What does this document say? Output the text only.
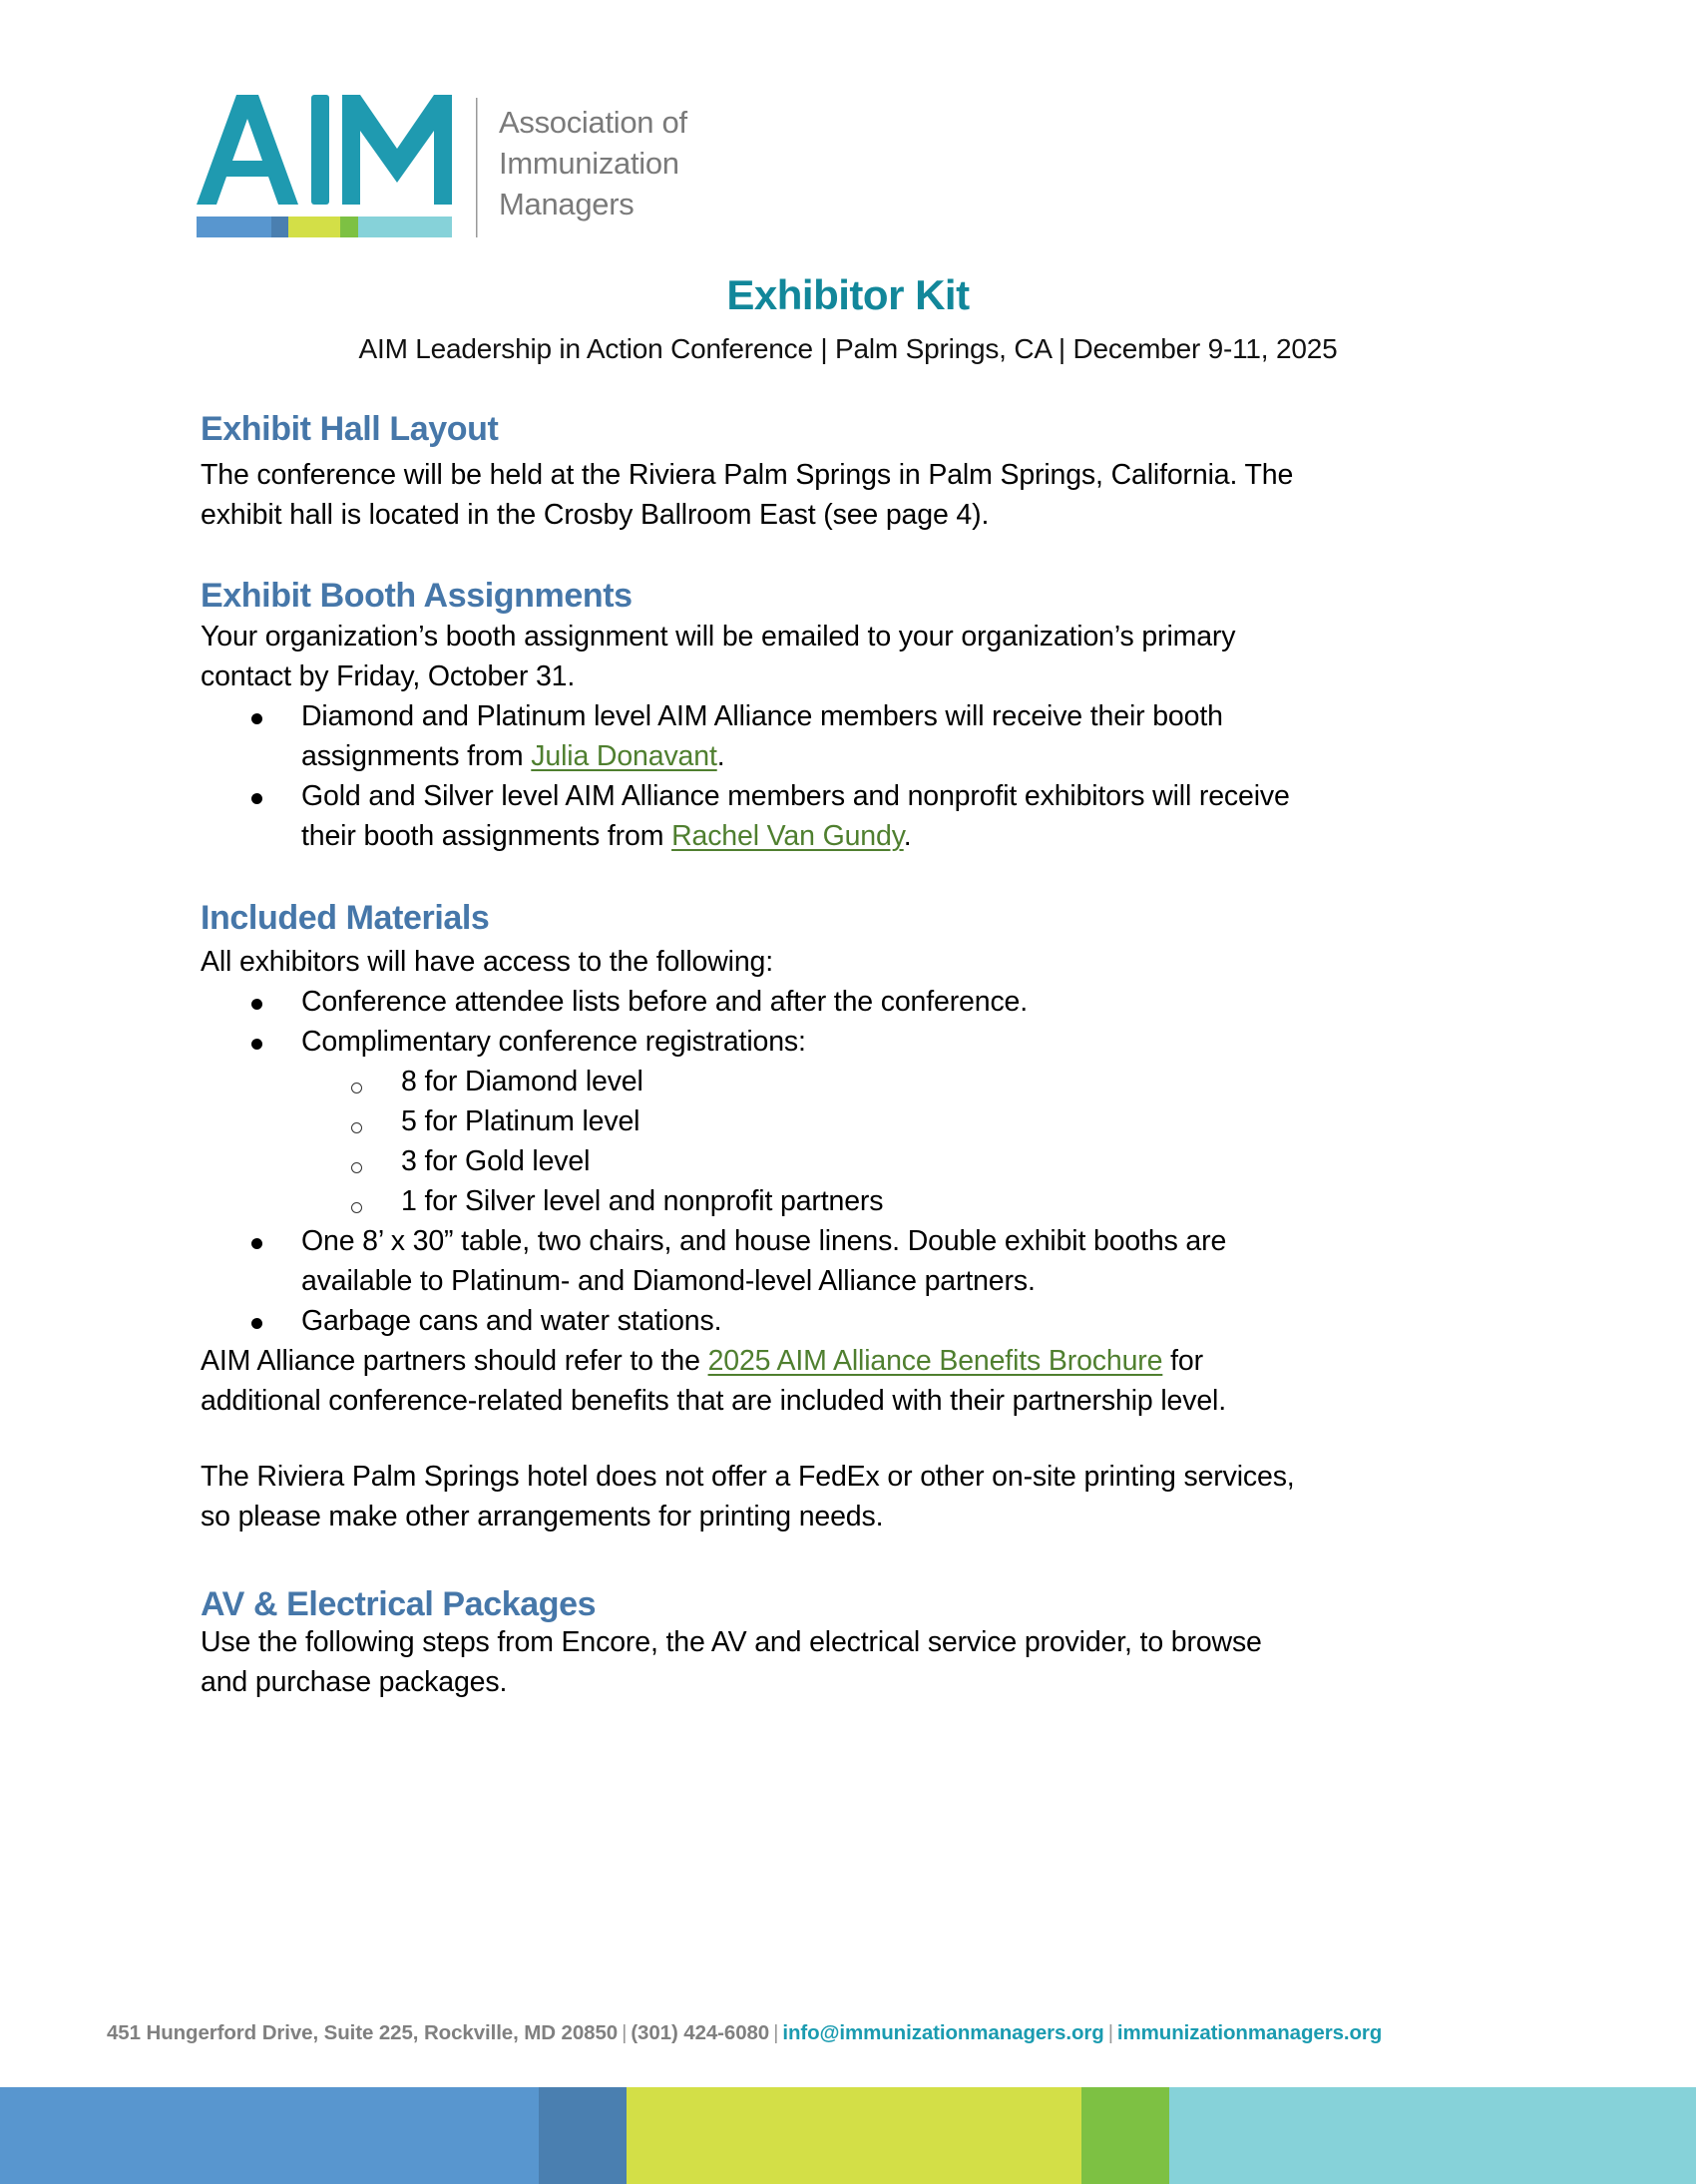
Association of
Immunization
Managers
Exhibitor Kit
AIM Leadership in Action Conference | Palm Springs, CA | December 9-11, 2025
Exhibit Hall Layout
The conference will be held at the Riviera Palm Springs in Palm Springs, California. The
exhibit hall is located in the Crosby Ballroom East (see page 4).
Exhibit Booth Assignments
Your organization’s booth assignment will be emailed to your organization’s primary
contact by Friday, October 31.
Diamond and Platinum level AIM Alliance members will receive their booth
assignments from Julia Donavant.
Gold and Silver level AIM Alliance members and nonprofit exhibitors will receive
their booth assignments from Rachel Van Gundy.
Included Materials
All exhibitors will have access to the following:
Conference attendee lists before and after the conference.
Complimentary conference registrations:
8 for Diamond level
5 for Platinum level
3 for Gold level
1 for Silver level and nonprofit partners
One 8’ x 30” table, two chairs, and house linens. Double exhibit booths are
available to Platinum- and Diamond-level Alliance partners.
Garbage cans and water stations.
AIM Alliance partners should refer to the 2025 AIM Alliance Benefits Brochure for
additional conference-related benefits that are included with their partnership level.
The Riviera Palm Springs hotel does not offer a FedEx or other on-site printing services,
so please make other arrangements for printing needs.
AV & Electrical Packages
Use the following steps from Encore, the AV and electrical service provider, to browse
and purchase packages.
451 Hungerford Drive, Suite 225, Rockville, MD 20850 | (301) 424-6080 | info@immunizationmanagers.org | immunizationmanagers.org
